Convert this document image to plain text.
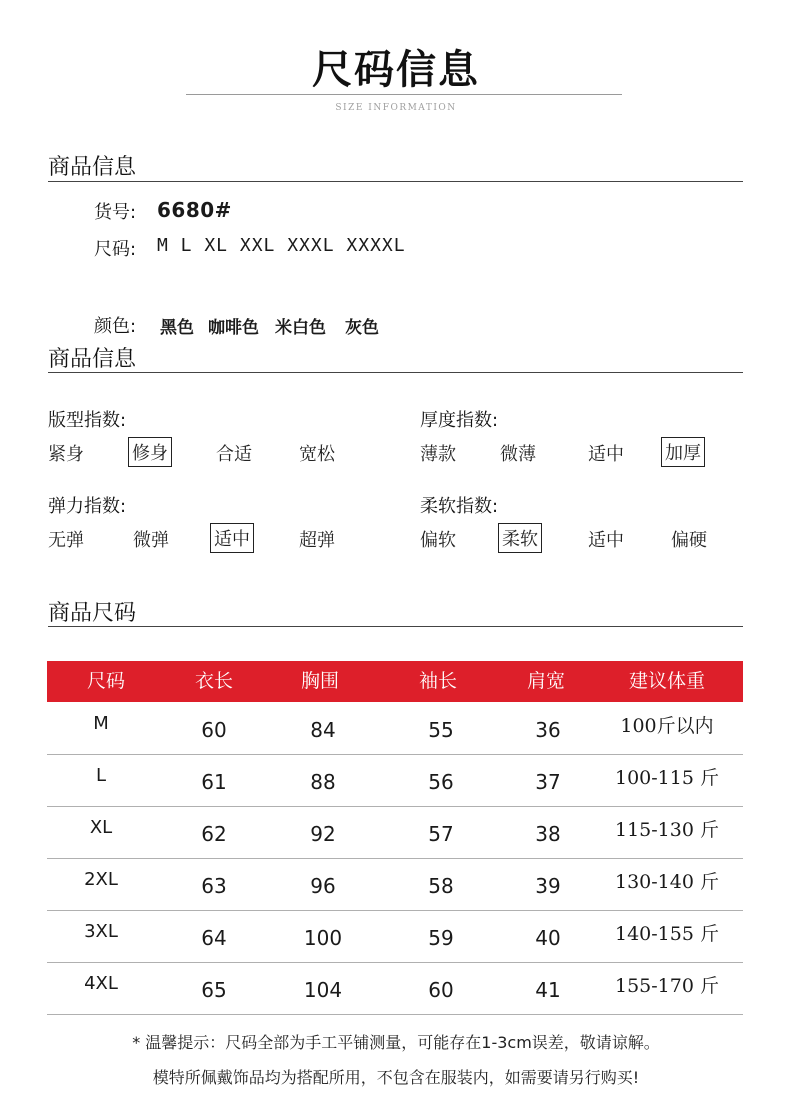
尺码信息
SIZE INFORMATION
商品信息
货号: 6680#
尺码: M L XL XXL XXXL XXXXL
颜色: 黑色 咖啡色 米白色 灰色
商品信息
版型指数:
紧身	修身	合适	宽松
厚度指数:
薄款 微薄	适中 加厚
弹力指数:
无弹	微弹	适中	超弹
柔软指数:
偏软	柔软	适中	偏硬
商品尺码
尺码	衣长	胸围	袖长	肩宽	建议体重
M	60	84	55	36	100斤以内
L	61	88	56	37	100-115 斤
XL	62	92	57	38	115-130 斤
2XL	63	96	58	39	130-140 斤
3XL	64	100	59	40	140-155 斤
4XL	65	104	60	41	155-170 斤
* 温馨提示：尺码全部为手工平铺测量，可能存在1-3cm误差，敬请谅解。
模特所佩戴饰品均为搭配所用，不包含在服装内，如需要请另行购买!
